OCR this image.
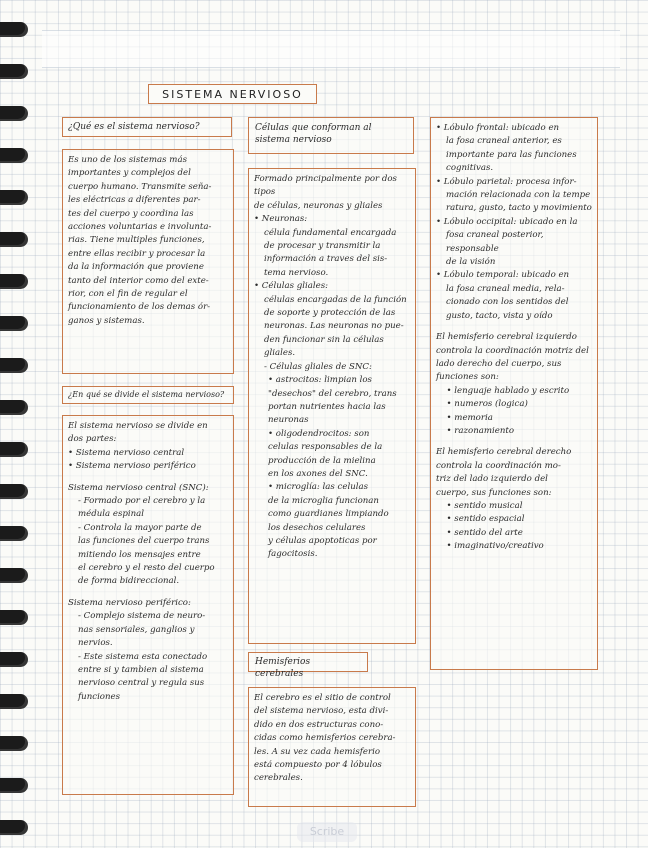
SISTEMA NERVIOSO
¿Qué es el sistema nervioso?

Es uno de los sistemas más

importantes y complejos del

cuerpo humano. Transmite seña-

les eléctricas a diferentes par-

tes del cuerpo y coordina las

acciones voluntarias e involunta-

rias. Tiene multiples funciones,

entre ellas recibir y procesar la

da la información que proviene

tanto del interior como del exte-

rior, con el fin de regular el

funcionamiento de los demas ór-

ganos y sistemas.

¿En qué se divide el sistema nervioso?

El sistema nervioso se divide en

dos partes:

• Sistema nervioso central

• Sistema nervioso periférico

Sistema nervioso central (SNC):

- Formado por el cerebro y la

médula espinal

- Controla la mayor parte de

las funciones del cuerpo trans

mitiendo los mensajes entre

el cerebro y el resto del cuerpo

de forma bidireccional.

Sistema nervioso periférico:

- Complejo sistema de neuro-

nas sensoriales, ganglios y

nervios.

- Este sistema esta conectado

entre si y tambien al sistema

nervioso central y regula sus

funciones

Células que conforman al sistema nervioso

Formado principalmente por dos tipos

de células, neuronas y gliales

• Neuronas:

célula fundamental encargada

de procesar y transmitir la

información a traves del sis-

tema nervioso.

• Células gliales:

células encargadas de la función

de soporte y protección de las

neuronas. Las neuronas no pue-

den funcionar sin la células

gliales.

- Células gliales de SNC:

• astrocitos: limpian los

"desechos" del cerebro, trans

portan nutrientes hacia las

neuronas

• oligodendrocitos: son

celulas responsables de la

producción de la mielina

en los axones del SNC.

• microglía: las celulas

de la microglia funcionan

como guardianes limpiando

los desechos celulares

y células apoptoticas por

fagocitosis.

Hemisferios cerebrales

El cerebro es el sitio de control

del sistema nervioso, esta divi-

dido en dos estructuras cono-

cidas como hemisferios cerebra-

les. A su vez cada hemisferio

está compuesto por 4 lóbulos

cerebrales.

• Lóbulo frontal: ubicado en

la fosa craneal anterior, es

importante para las funciones

cognitivas.

• Lóbulo parietal: procesa infor-

mación relacionada con la tempe

ratura, gusto, tacto y movimiento

• Lóbulo occipital: ubicado en la

fosa craneal posterior, responsable

de la visión

• Lóbulo temporal: ubicado en

la fosa craneal media, rela-

cionado con los sentidos del

gusto, tacto, vista y oído

El hemisferio cerebral izquierdo

controla la coordinación motriz del

lado derecho del cuerpo, sus

funciones son:

• lenguaje hablado y escrito

• numeros (logica)

• memoria

• razonamiento

El hemisferio cerebral derecho

controla la coordinación mo-

triz del lado izquierdo del

cuerpo, sus funciones son:

• sentido musical

• sentido espacial

• sentido del arte

• imaginativo/creativo

Scribe
